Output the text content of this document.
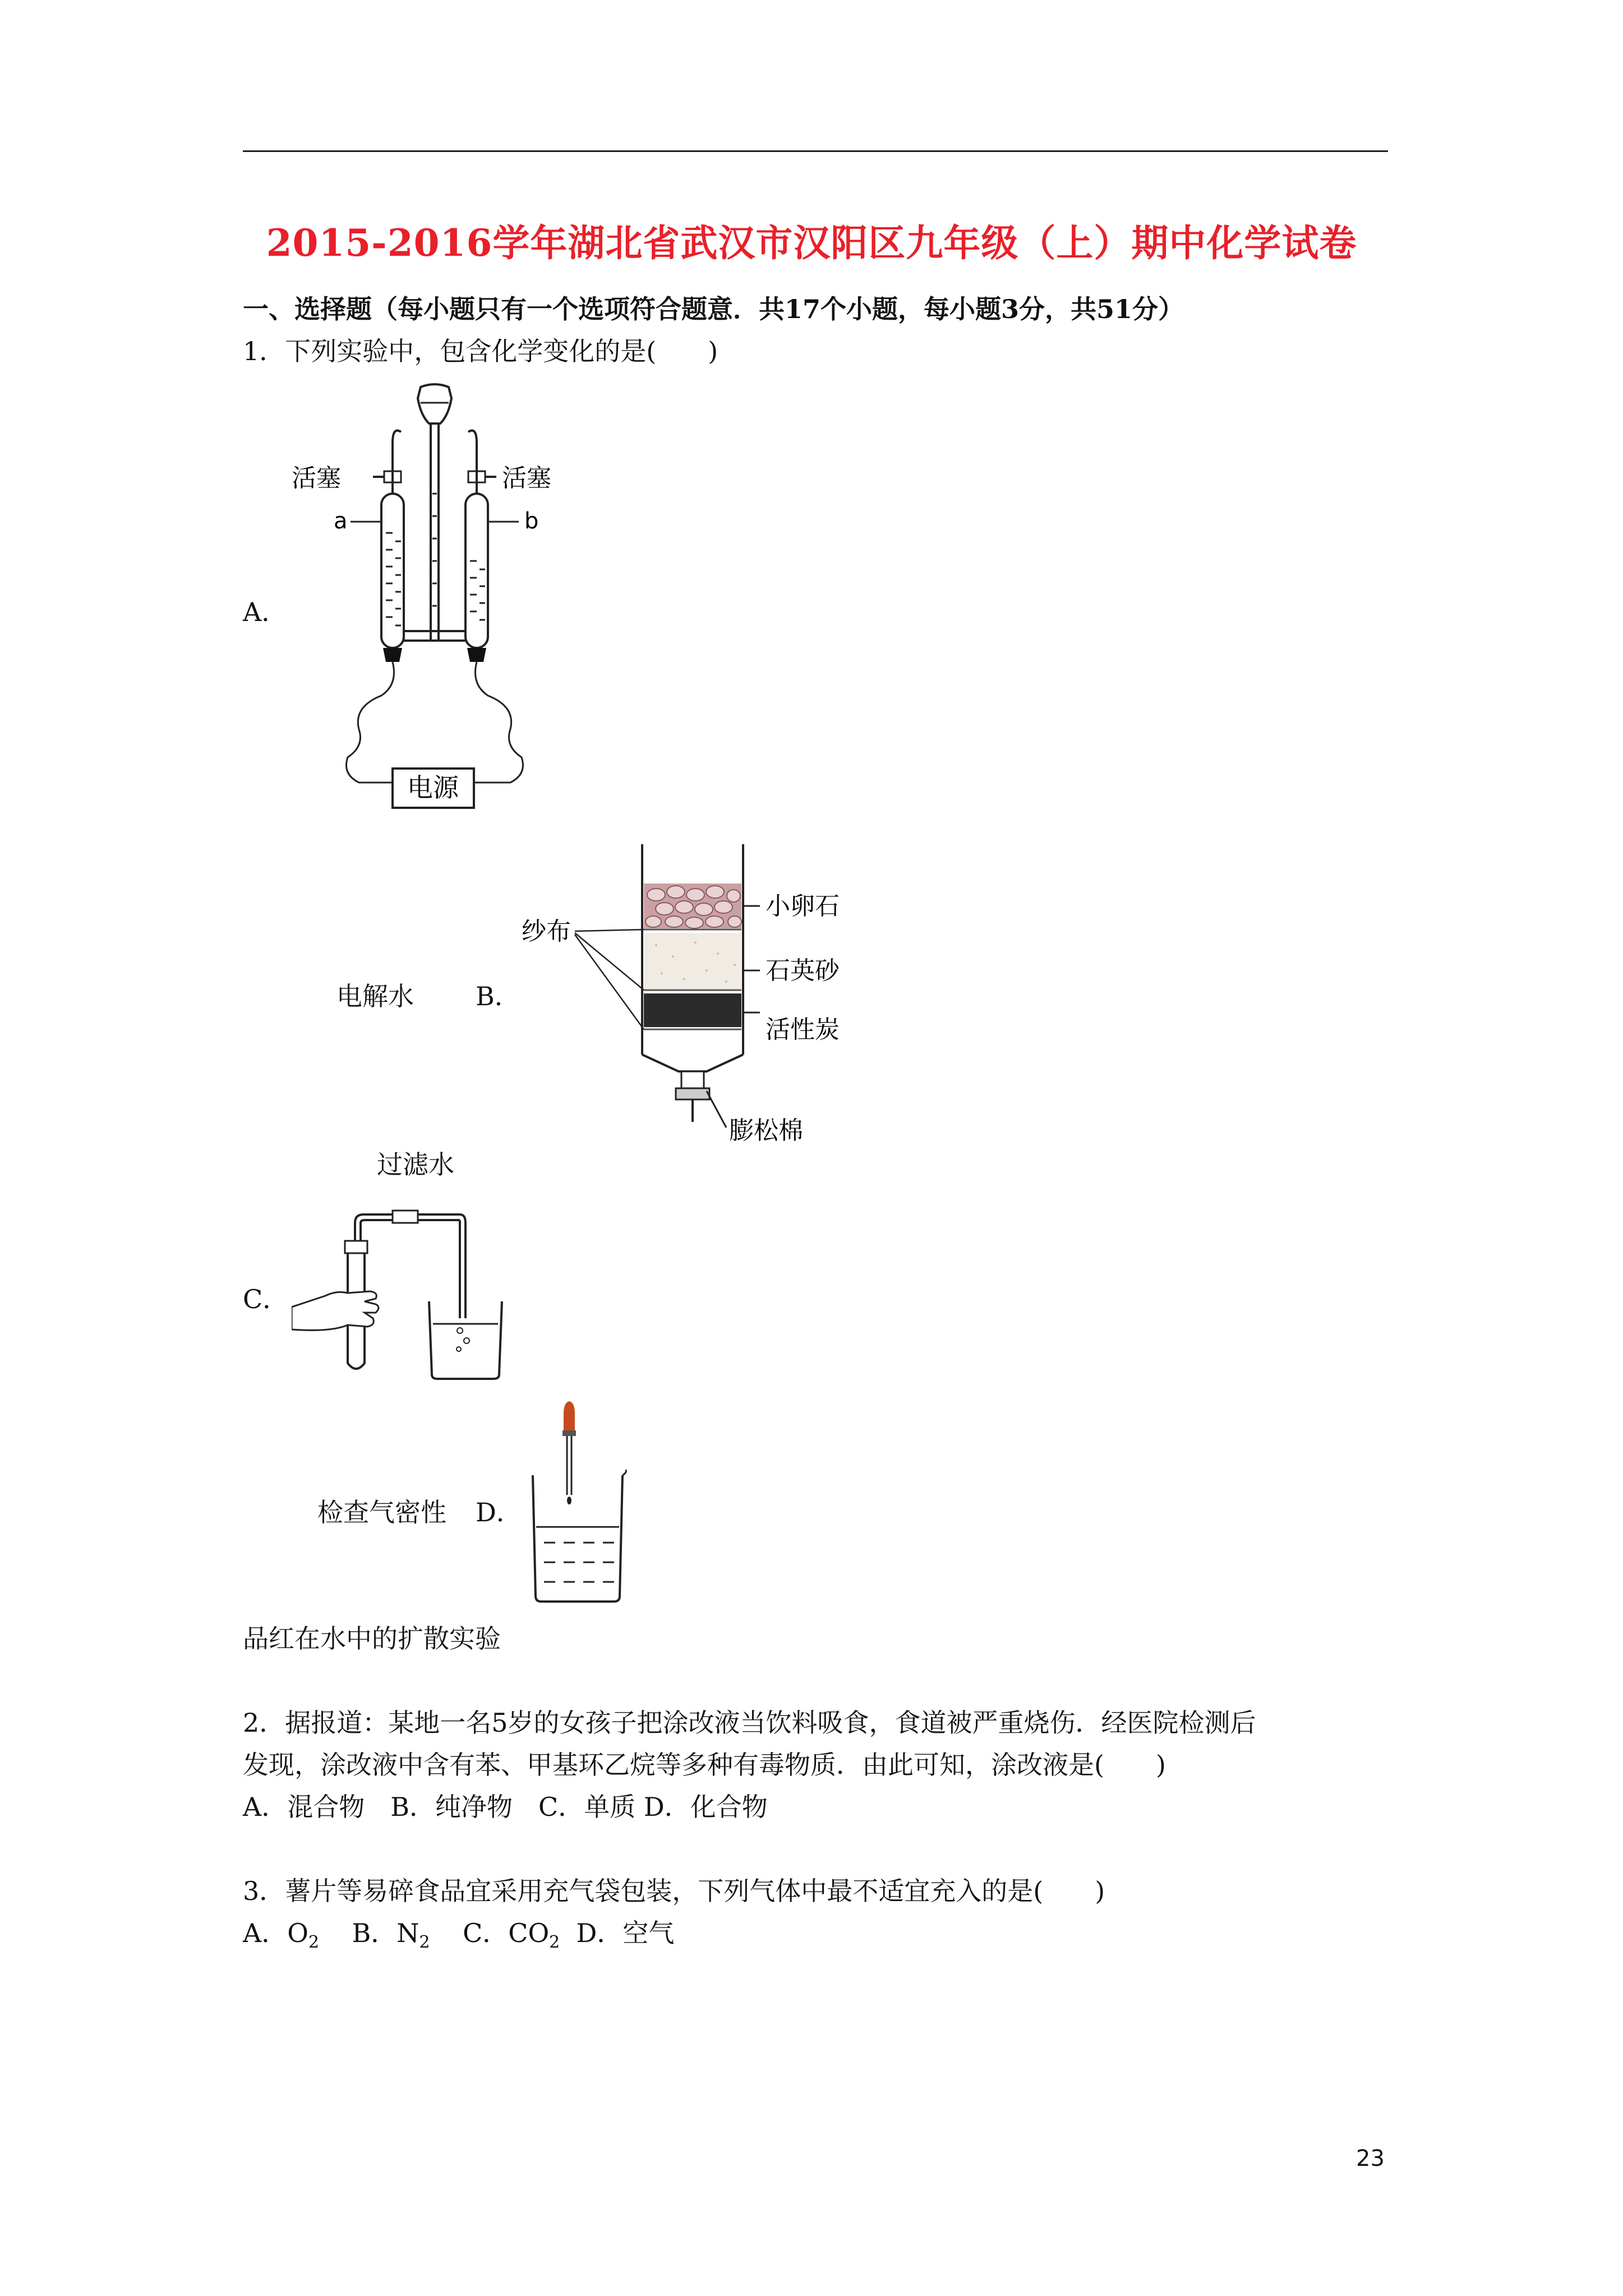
2015-2016学年湖北省武汉市汉阳区九年级（上）期中化学试卷
一、选择题（每小题只有一个选项符合题意．共17个小题，每小题3分，共51分）
1．下列实验中，包含化学变化的是(　　)
电源
活塞	活塞
a	b
A．
电解水 B．
纱布
小卵石
石英砂
活性炭
膨松棉
过滤水
C．
检查气密性 D．
品红在水中的扩散实验
2．据报道：某地一名5岁的女孩子把涂改液当饮料吸食，食道被严重烧伤．经医院检测后
发现，涂改液中含有苯、甲基环乙烷等多种有毒物质．由此可知，涂改液是(　　)
A．混合物　B．纯净物　C．单质 D．化合物
3．薯片等易碎食品宜采用充气袋包装，下列气体中最不适宜充入的是(　　)
A．$O_2$ B．$N_2$ C．$CO_2$ D．空气
23
